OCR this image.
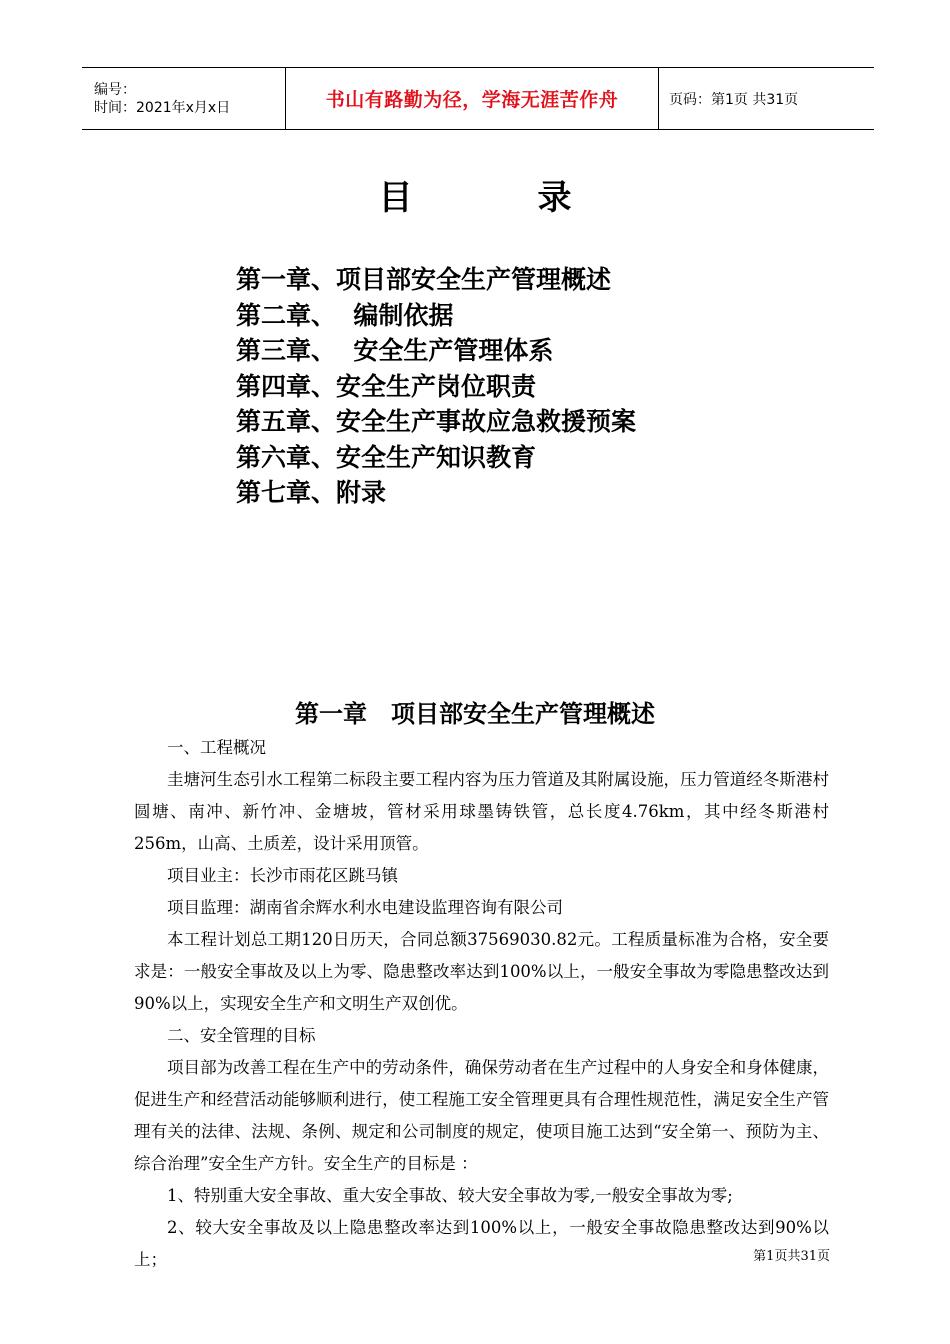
编号：
时间：2021年x月x日	书山有路勤为径，学海无涯苦作舟	页码：第1页 共31页
目	录
第一章、项目部安全生产管理概述
第二章、  编制依据
第三章、  安全生产管理体系
第四章、安全生产岗位职责
第五章、安全生产事故应急救援预案
第六章、安全生产知识教育
第七章、附录
第一章　项目部安全生产管理概述

一、工程概况

圭塘河生态引水工程第二标段主要工程内容为压力管道及其附属设施，压力管道经冬斯港村圆塘、南冲、新竹冲、金塘坡，管材采用球墨铸铁管，总长度4.76km，其中经冬斯港村256m，山高、土质差，设计采用顶管。

项目业主：长沙市雨花区跳马镇

项目监理：湖南省余辉水利水电建设监理咨询有限公司

本工程计划总工期120日历天，合同总额37569030.82元。工程质量标准为合格，安全要求是：一般安全事故及以上为零、隐患整改率达到100%以上，一般安全事故为零隐患整改达到90%以上，实现安全生产和文明生产双创优。

二、安全管理的目标

项目部为改善工程在生产中的劳动条件，确保劳动者在生产过程中的人身安全和身体健康，促进生产和经营活动能够顺利进行，使工程施工安全管理更具有合理性规范性，满足安全生产管理有关的法律、法规、条例、规定和公司制度的规定，使项目施工达到“安全第一、预防为主、综合治理”安全生产方针。安全生产的目标是 ：

1、特别重大安全事故、重大安全事故、较大安全事故为零,一般安全事故为零;

2、较大安全事故及以上隐患整改率达到100%以上，一般安全事故隐患整改达到90%以上；	第1页共31页
